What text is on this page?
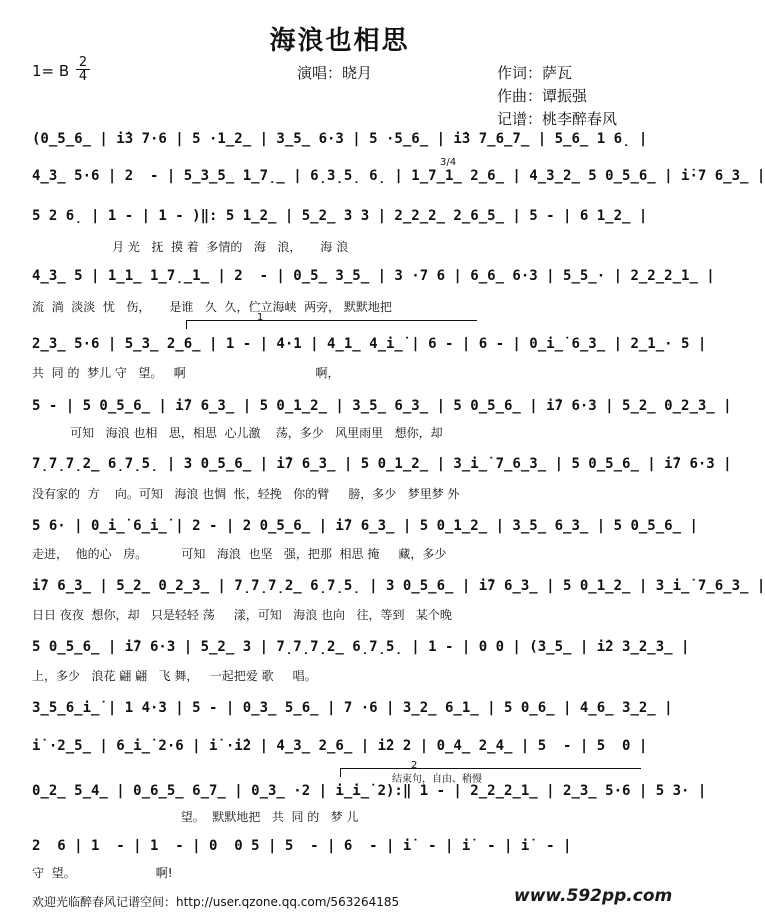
海浪也相思
1= B $\frac{2}{4}$	演唱：晓月	作词：萨瓦
作曲：谭振强
记谱：桃李醉春风
(0̲5̲6̲ | i̇3 7·6 | 5 ·1̲2̲ | 3̲5̲ 6·3 | 5 ·5̲6̲ | i̇3 7̲6̲7̲ | 5̲6̲ 1 6̣ |
3/4
4̲3̲ 5·6 | 2  - | 5̲3̲5̲ 1̲7̣̲ | 6̣3̣5̣ 6̣ | 1̲7̲1̲ 2̲6̲ | 4̲3̲2̲ 5 0̲5̲6̲ | i̇·7 6̲3̲ |
5 2 6̣ | 1 - | 1 - )‖: 5 1̲2̲ | 5̲2̲ 3 3 | 2̲2̲2̲ 2̲6̲5̲ | 5 - | 6 1̲2̲ |
月 光   抚  摸 着  多情的   海   浪，     海 浪
4̲3̲ 5 | 1̲1̲ 1̲7̣̲1̲ | 2  - | 0̲5̲ 3̲5̲ | 3 ·7 6 | 6̲6̲ 6·3 | 5̲5̲· | 2̲2̲2̲1̲ |
流  淌  淡淡  忧   伤，     是谁   久  久，伫立海峡  两旁， 默默地把
1
2̲3̲ 5·6 | 5̲3̲ 2̲6̲ | 1 - | 4·1 | 4̲1̲ 4̲i̲̇ | 6 - | 6 - | 0̲i̲̇ 6̲3̲ | 2̲1̲· 5 |
共  同 的  梦儿 守   望。   啊                                  啊，
5 - | 5 0̲5̲6̲ | i̇7 6̲3̲ | 5 0̲1̲2̲ | 3̲5̲ 6̲3̲ | 5 0̲5̲6̲ | i̇7 6·3 | 5̲2̲ 0̲2̲3̲ |
可知   海浪 也相   思，相思  心儿激    荡，多少   风里雨里   想你，却
7̣7̣7̣2̲ 6̣7̣5̣ | 3 0̲5̲6̲ | i̇7 6̲3̲ | 5 0̲1̲2̲ | 3̲i̲̇ 7̲6̲3̲ | 5 0̲5̲6̲ | i̇7 6·3 |
没有家的  方    向。可知   海浪 也惆  怅，轻挽   你的臂     膀，多少   梦里梦 外
5 6· | 0̲i̲̇ 6̲i̲̇ | 2 - | 2 0̲5̲6̲ | i̇7 6̲3̲ | 5 0̲1̲2̲ | 3̲5̲ 6̲3̲ | 5 0̲5̲6̲ |
走进，  他的心   房。         可知   海浪  也坚   强，把那  相思 掩     藏，多少
i̇7 6̲3̲ | 5̲2̲ 0̲2̲3̲ | 7̣7̣7̣2̲ 6̣7̣5̣ | 3 0̲5̲6̲ | i̇7 6̲3̲ | 5 0̲1̲2̲ | 3̲i̲̇ 7̲6̲3̲ |
日日 夜夜  想你，却   只是轻轻 荡     漾，可知   海浪 也向   往，等到   某个晚
5 0̲5̲6̲ | i̇7 6·3 | 5̲2̲ 3 | 7̣7̣7̣2̲ 6̣7̣5̣ | 1 - | 0 0 | (3̲5̲ | i̇2 3̲2̲3̲ |
上，多少   浪花 翩 翩   飞 舞，   一起把爱 歌     唱。
3̲5̲6̲i̲̇ | 1 4·3 | 5 - | 0̲3̲ 5̲6̲ | 7 ·6 | 3̲2̲ 6̲1̲ | 5 0̲6̲ | 4̲6̲ 3̲2̲ |
i̇ ·2̲5̲ | 6̲i̲̇ 2·6 | i̇ ·i̇2 | 4̲3̲ 2̲6̲ | i̇2 2 | 0̲4̲ 2̲4̲ | 5  - | 5  0 |
2
结束句，自由、稍慢
0̲2̲ 5̲4̲ | 0̲6̲5̲ 6̲7̲ | 0̲3̲ ·2 | i̲̇i̲̇ 2):‖ 1 - | 2̲2̲2̲1̲ | 2̲3̲ 5·6 | 5 3· |
望。  默默地把   共  同 的   梦 儿
2  6 | 1  - | 1  - | 0  0 5 | 5  - | 6  - | i̇  - | i̇  - | i̇  - |
守  望。                     啊!
欢迎光临醉春风记谱空间：http://user.qzone.qq.com/563264185	www.592pp.com
